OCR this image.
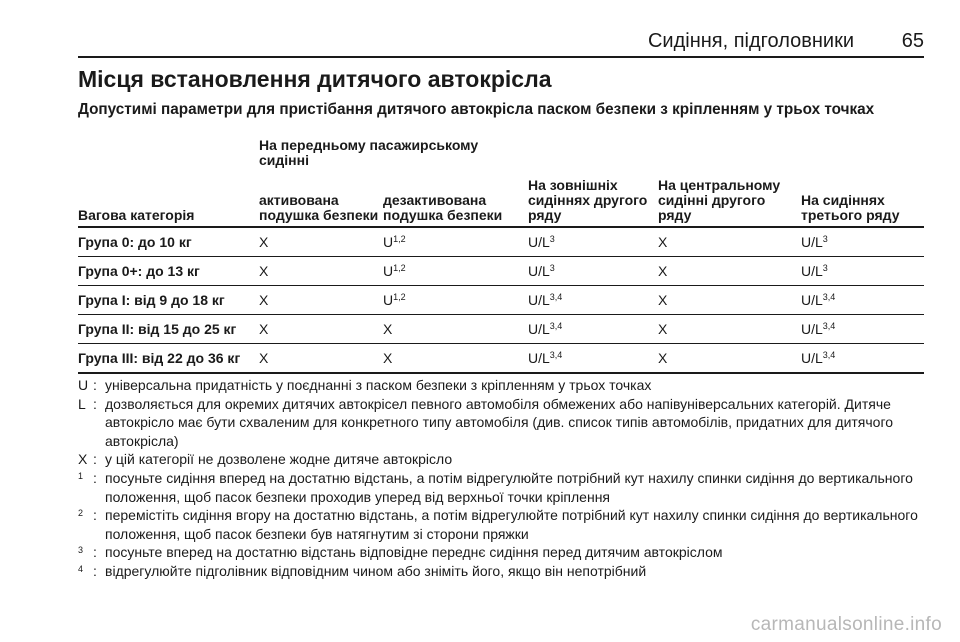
Сидіння, підголовники 65
Місця встановлення дитячого автокрісла
Допустимі параметри для пристібання дитячого автокрісла паском безпеки з кріпленням у трьох точках
	На передньому пасажирському сидінні				
Вагова категорія	активована подушка безпеки	дезактивована подушка безпеки	На зовнішніх сидіннях другого ряду	На центральному сидінні другого ряду	На сидіннях третього ряду
Група 0: до 10 кг	X	U$^{1,2}$	$U/L^3$	X	$U/L^3$
Група 0+: до 13 кг	X	U$^{1,2}$	$U/L^3$	X	$U/L^3$
Група I: від 9 до 18 кг	X	U$^{1,2}$	$U/L^{3,4}$	X	$U/L^{3,4}$
Група II: від 15 до 25 кг	X	X	$U/L^{3,4}$	X	$U/L^{3,4}$
Група III: від 22 до 36 кг	X	X	$U/L^{3,4}$	X	$U/L^{3,4}$
U : універсальна придатність у поєднанні з паском безпеки з кріпленням у трьох точках
L : дозволяється для окремих дитячих автокрісел певного автомобіля обмежених або напівуніверсальних категорій. Дитяче автокрісло має бути схваленим для конкретного типу автомобіля (див. список типів автомобілів, придатних для дитячого автокрісла)
X : у цій категорії не дозволене жодне дитяче автокрісло
1 : посуньте сидіння вперед на достатню відстань, а потім відрегулюйте потрібний кут нахилу спинки сидіння до вертикального положення, щоб пасок безпеки проходив уперед від верхньої точки кріплення
2 : перемістіть сидіння вгору на достатню відстань, а потім відрегулюйте потрібний кут нахилу спинки сидіння до вертикального положення, щоб пасок безпеки був натягнутим зі сторони пряжки
3 : посуньте вперед на достатню відстань відповідне переднє сидіння перед дитячим автокріслом
4 : відрегулюйте підголівник відповідним чином або зніміть його, якщо він непотрібний
carmanualsonline.info
